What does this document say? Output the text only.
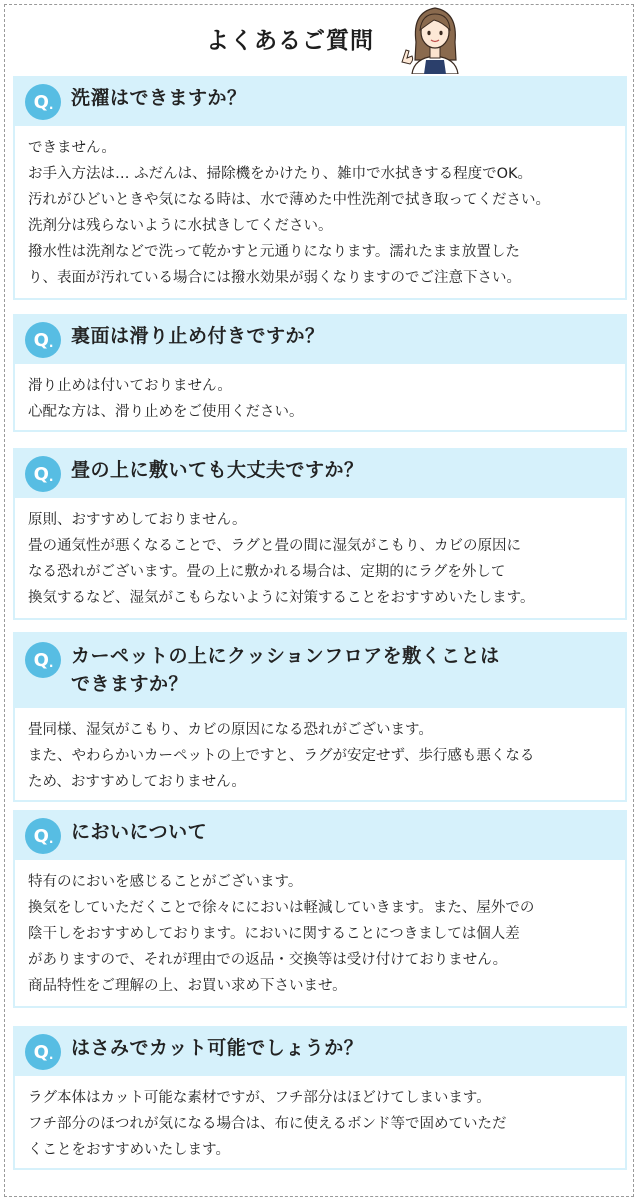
よくあるご質問
Q . 洗濯はできますか？
できません。
お手入方法は… ふだんは、掃除機をかけたり、雑巾で水拭きする程度でOK。
汚れがひどいときや気になる時は、水で薄めた中性洗剤で拭き取ってください。
洗剤分は残らないように水拭きしてください。
撥水性は洗剤などで洗って乾かすと元通りになります。濡れたまま放置した
り、表面が汚れている場合には撥水効果が弱くなりますのでご注意下さい。
Q . 裏面は滑り止め付きですか？
滑り止めは付いておりません。
心配な方は、滑り止めをご使用ください。
Q . 畳の上に敷いても大丈夫ですか？
原則、おすすめしておりません。
畳の通気性が悪くなることで、ラグと畳の間に湿気がこもり、カビの原因に
なる恐れがございます。畳の上に敷かれる場合は、定期的にラグを外して
換気するなど、湿気がこもらないように対策することをおすすめいたします。
Q . カーペットの上にクッションフロアを敷くことは
できますか？
畳同様、湿気がこもり、カビの原因になる恐れがございます。
また、やわらかいカーペットの上ですと、ラグが安定せず、歩行感も悪くなる
ため、おすすめしておりません。
Q . においについて
特有のにおいを感じることがございます。
換気をしていただくことで徐々ににおいは軽減していきます。また、屋外での
陰干しをおすすめしております。においに関することにつきましては個人差
がありますので、それが理由での返品・交換等は受け付けておりません。
商品特性をご理解の上、お買い求め下さいませ。
Q . はさみでカット可能でしょうか？
ラグ本体はカット可能な素材ですが、フチ部分はほどけてしまいます。
フチ部分のほつれが気になる場合は、布に使えるボンド等で固めていただ
くことをおすすめいたします。
